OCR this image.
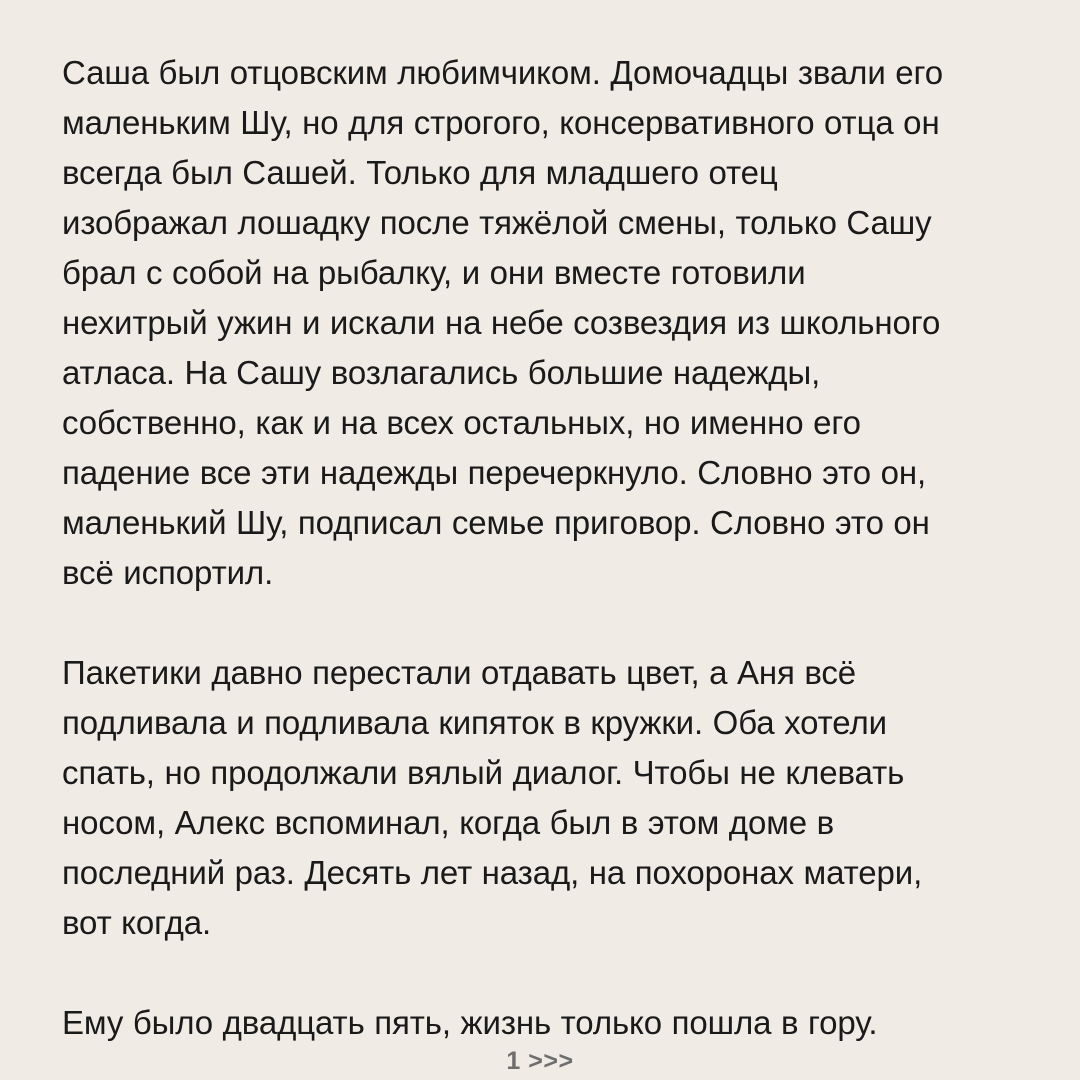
Саша был отцовским любимчиком. Домочадцы звали его
маленьким Шу, но для строгого, консервативного отца он
всегда был Сашей. Только для младшего отец
изображал лошадку после тяжёлой смены, только Сашу
брал с собой на рыбалку, и они вместе готовили
нехитрый ужин и искали на небе созвездия из школьного
атласа. На Сашу возлагались большие надежды,
собственно, как и на всех остальных, но именно его
падение все эти надежды перечеркнуло. Словно это он,
маленький Шу, подписал семье приговор. Словно это он
всё испортил.

Пакетики давно перестали отдавать цвет, а Аня всё
подливала и подливала кипяток в кружки. Оба хотели
спать, но продолжали вялый диалог. Чтобы не клевать
носом, Алекс вспоминал, когда был в этом доме в
последний раз. Десять лет назад, на похоронах матери,
вот когда.

Ему было двадцать пять, жизнь только пошла в гору.

1 >>>
